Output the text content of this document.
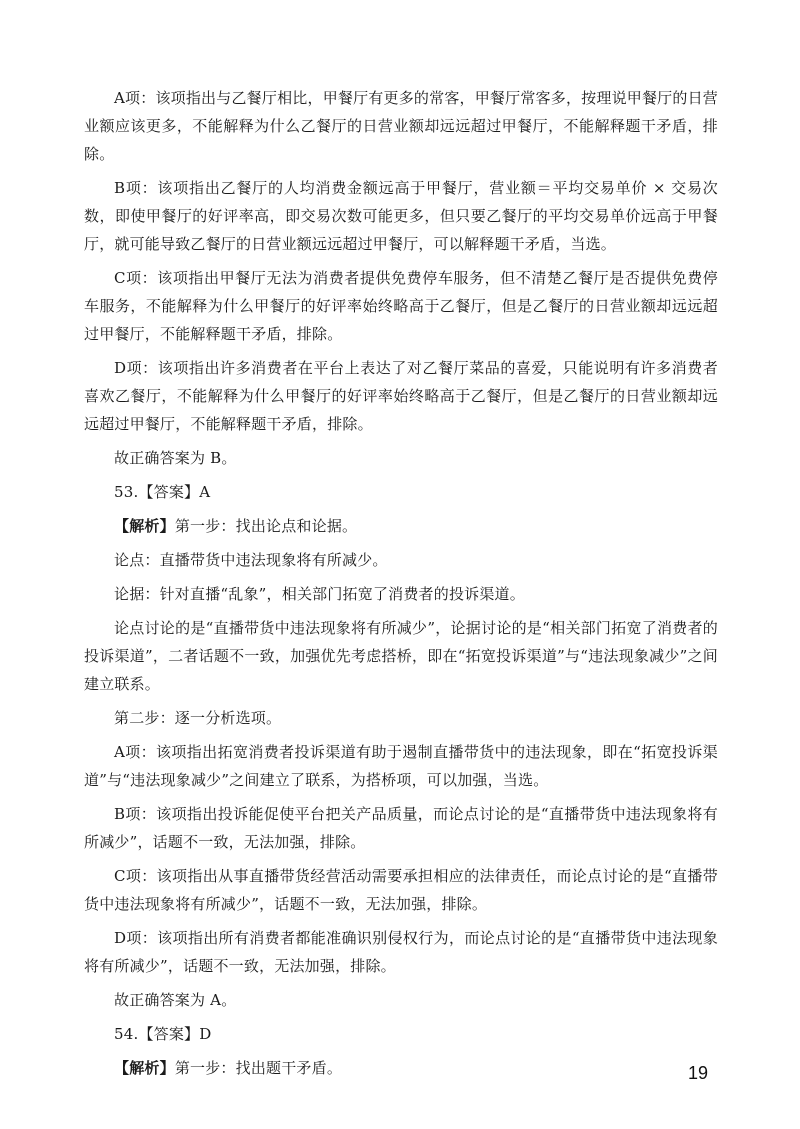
A项：该项指出与乙餐厅相比，甲餐厅有更多的常客，甲餐厅常客多，按理说甲餐厅的日营业额应该更多，不能解释为什么乙餐厅的日营业额却远远超过甲餐厅，不能解释题干矛盾，排除。

B项：该项指出乙餐厅的人均消费金额远高于甲餐厅，营业额＝平均交易单价 × 交易次数，即使甲餐厅的好评率高，即交易次数可能更多，但只要乙餐厅的平均交易单价远高于甲餐厅，就可能导致乙餐厅的日营业额远远超过甲餐厅，可以解释题干矛盾，当选。

C项：该项指出甲餐厅无法为消费者提供免费停车服务，但不清楚乙餐厅是否提供免费停车服务，不能解释为什么甲餐厅的好评率始终略高于乙餐厅，但是乙餐厅的日营业额却远远超过甲餐厅，不能解释题干矛盾，排除。

D项：该项指出许多消费者在平台上表达了对乙餐厅菜品的喜爱，只能说明有许多消费者喜欢乙餐厅，不能解释为什么甲餐厅的好评率始终略高于乙餐厅，但是乙餐厅的日营业额却远远超过甲餐厅，不能解释题干矛盾，排除。

故正确答案为 B。

53.【答案】A

【解析】第一步：找出论点和论据。

论点：直播带货中违法现象将有所减少。

论据：针对直播“乱象”，相关部门拓宽了消费者的投诉渠道。

论点讨论的是“直播带货中违法现象将有所减少”，论据讨论的是“相关部门拓宽了消费者的投诉渠道”，二者话题不一致，加强优先考虑搭桥，即在“拓宽投诉渠道”与“违法现象减少”之间建立联系。

第二步：逐一分析选项。

A项：该项指出拓宽消费者投诉渠道有助于遏制直播带货中的违法现象，即在“拓宽投诉渠道”与“违法现象减少”之间建立了联系，为搭桥项，可以加强，当选。

B项：该项指出投诉能促使平台把关产品质量，而论点讨论的是“直播带货中违法现象将有所减少”，话题不一致，无法加强，排除。

C项：该项指出从事直播带货经营活动需要承担相应的法律责任，而论点讨论的是“直播带货中违法现象将有所减少”，话题不一致，无法加强，排除。

D项：该项指出所有消费者都能准确识别侵权行为，而论点讨论的是“直播带货中违法现象将有所减少”，话题不一致，无法加强，排除。

故正确答案为 A。

54.【答案】D

【解析】第一步：找出题干矛盾。	19
